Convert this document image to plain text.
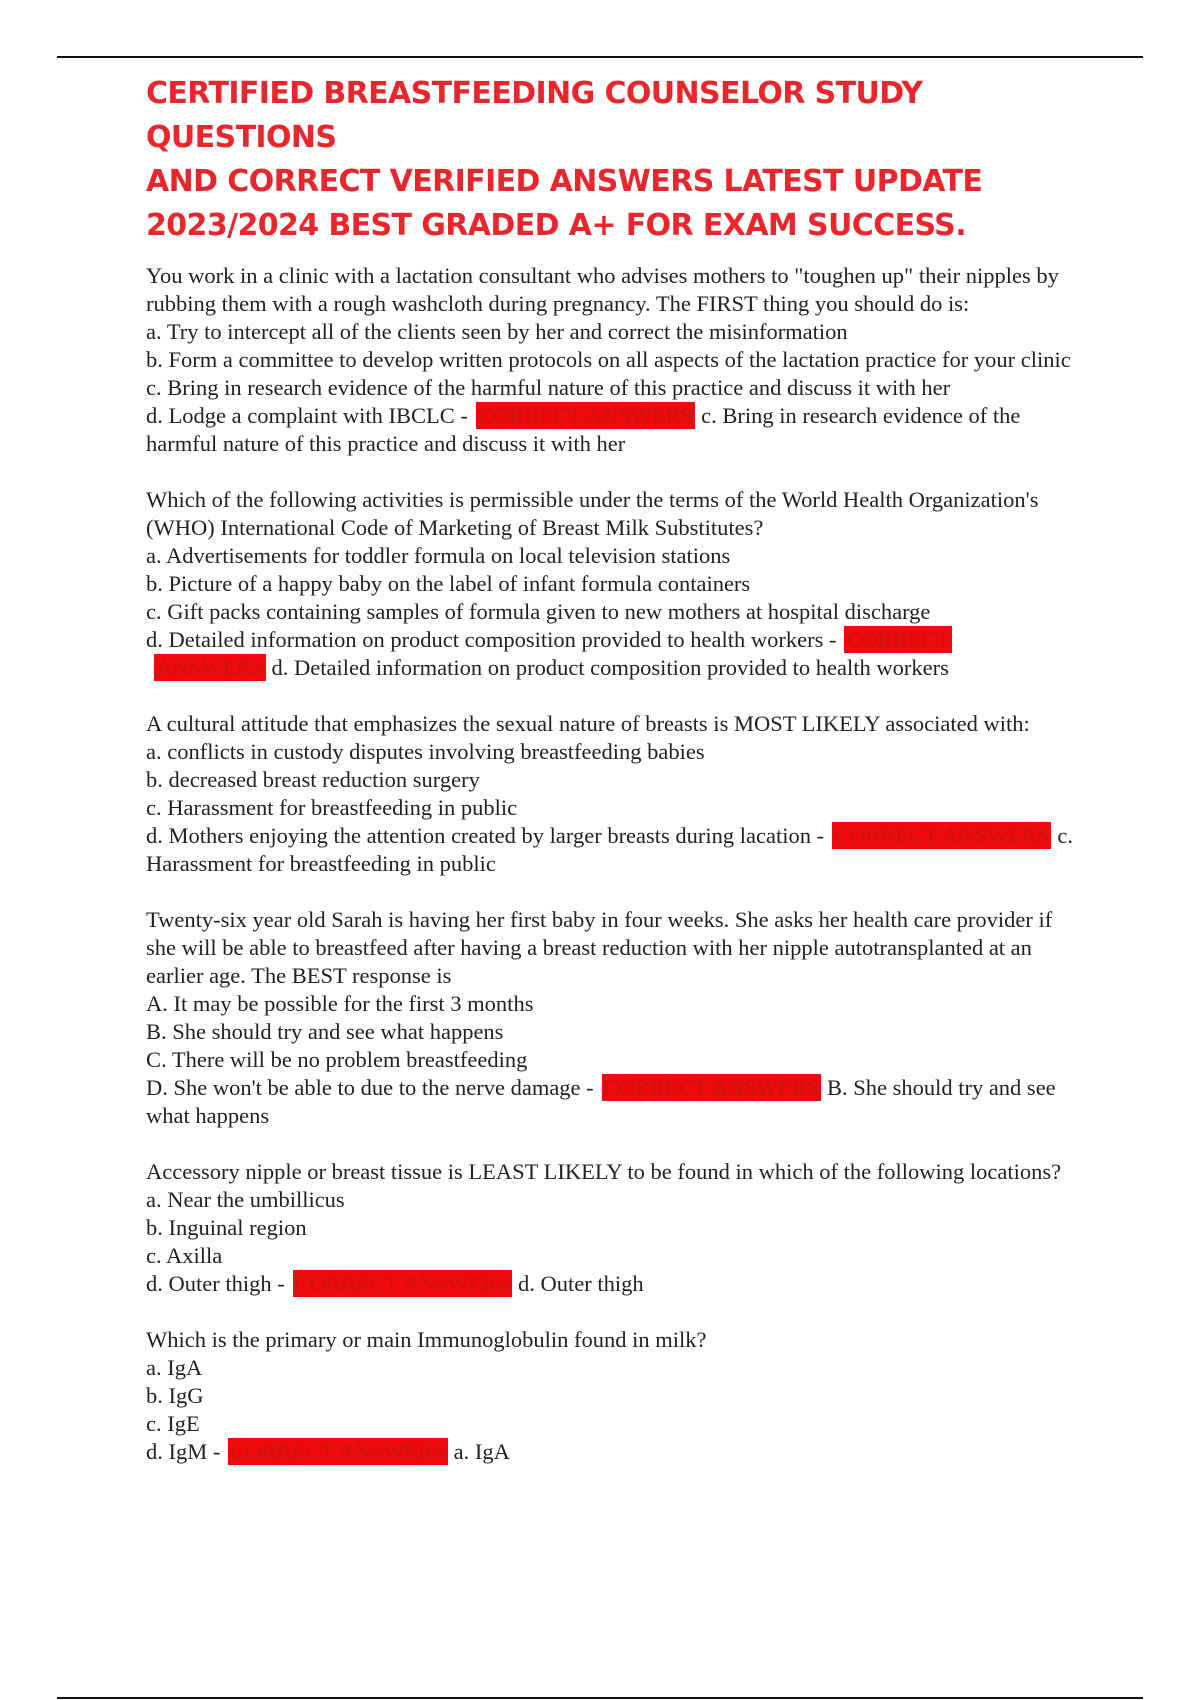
CERTIFIED BREASTFEEDING COUNSELOR STUDY QUESTIONS
AND CORRECT VERIFIED ANSWERS LATEST UPDATE
2023/2024 BEST GRADED A+ FOR EXAM SUCCESS.
You work in a clinic with a lactation consultant who advises mothers to "toughen up" their nipples by rubbing them with a rough washcloth during pregnancy. The FIRST thing you should do is:
a. Try to intercept all of the clients seen by her and correct the misinformation
b. Form a committee to develop written protocols on all aspects of the lactation practice for your clinic
c. Bring in research evidence of the harmful nature of this practice and discuss it with her
d. Lodge a complaint with IBCLC - CORRECT ANSWERS c. Bring in research evidence of the harmful nature of this practice and discuss it with her
Which of the following activities is permissible under the terms of the World Health Organization's (WHO) International Code of Marketing of Breast Milk Substitutes?
a. Advertisements for toddler formula on local television stations
b. Picture of a happy baby on the label of infant formula containers
c. Gift packs containing samples of formula given to new mothers at hospital discharge
d. Detailed information on product composition provided to health workers - CORRECT ANSWERS d. Detailed information on product composition provided to health workers
A cultural attitude that emphasizes the sexual nature of breasts is MOST LIKELY associated with:
a. conflicts in custody disputes involving breastfeeding babies
b. decreased breast reduction surgery
c. Harassment for breastfeeding in public
d. Mothers enjoying the attention created by larger breasts during lacation - CORRECT ANSWERS c. Harassment for breastfeeding in public
Twenty-six year old Sarah is having her first baby in four weeks. She asks her health care provider if she will be able to breastfeed after having a breast reduction with her nipple autotransplanted at an earlier age. The BEST response is
A. It may be possible for the first 3 months
B. She should try and see what happens
C. There will be no problem breastfeeding
D. She won't be able to due to the nerve damage - CORRECT ANSWERS B. She should try and see what happens
Accessory nipple or breast tissue is LEAST LIKELY to be found in which of the following locations?
a. Near the umbillicus
b. Inguinal region
c. Axilla
d. Outer thigh - CORRECT ANSWERS d. Outer thigh
Which is the primary or main Immunoglobulin found in milk?
a. IgA
b. IgG
c. IgE
d. IgM - CORRECT ANSWERS a. IgA
